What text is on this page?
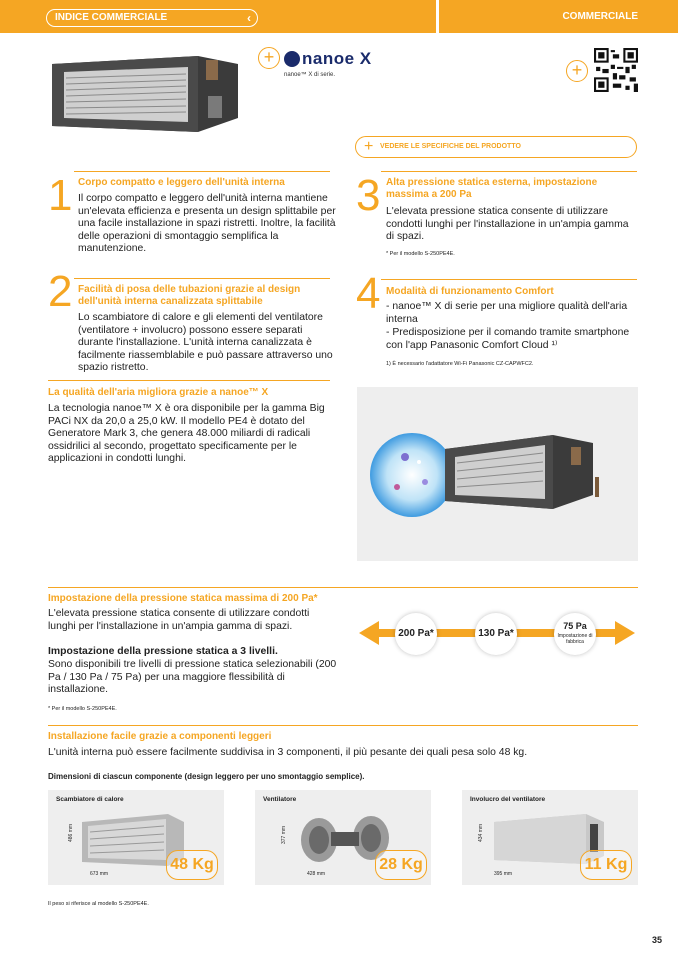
INDICE COMMERCIALE	‹	COMMERCIALE
+	nanoe X
nanoe™ X di serie.	+
+ VEDERE LE SPECIFICHE DEL PRODOTTO
1 Corpo compatto e leggero dell'unità interna
Il corpo compatto e leggero dell'unità interna mantiene un'elevata efficienza e presenta un design splittabile per una facile installazione in spazi ristretti. Inoltre, la facilità delle operazioni di smontaggio semplifica la manutenzione.
2 Facilità di posa delle tubazioni grazie al design dell'unità interna canalizzata splittabile
Lo scambiatore di calore e gli elementi del ventilatore (ventilatore + involucro) possono essere separati durante l'installazione. L'unità interna canalizzata è facilmente riassemblabile e può passare attraverso uno spazio ristretto.
3 Alta pressione statica esterna, impostazione massima a 200 Pa
L'elevata pressione statica consente di utilizzare condotti lunghi per l'installazione in un'ampia gamma di spazi.
* Per il modello S-250PE4E.
4 Modalità di funzionamento Comfort
- nanoe™ X di serie per una migliore qualità dell'aria interna
- Predisposizione per il comando tramite smartphone con l'app Panasonic Comfort Cloud ¹⁾
1) È necessario l'adattatore Wi-Fi Panasonic CZ-CAPWFC2.
La qualità dell'aria migliora grazie a nanoe™ X
La tecnologia nanoe™ X è ora disponibile per la gamma Big PACi NX da 20,0 a 25,0 kW. Il modello PE4 è dotato del Generatore Mark 3, che genera 48.000 miliardi di radicali ossidrilici al secondo, progettato specificamente per le applicazioni in condotti lunghi.
Impostazione della pressione statica massima di 200 Pa*
L'elevata pressione statica consente di utilizzare condotti lunghi per l'installazione in un'ampia gamma di spazi.
Impostazione della pressione statica a 3 livelli.
Sono disponibili tre livelli di pressione statica selezionabili (200 Pa / 130 Pa / 75 Pa) per una maggiore flessibilità di installazione.
* Per il modello S-250PE4E.
200 Pa*	130 Pa*
75 Pa

Impostazione di fabbrica
Installazione facile grazie a componenti leggeri
L'unità interna può essere facilmente suddivisa in 3 componenti, il più pesante dei quali pesa solo 48 kg.
Dimensioni di ciascun componente (design leggero per uno smontaggio semplice).
Scambiatore di calore
486 mm
673 mm
48 Kg
Ventilatore
377 mm
428 mm
28 Kg
Involucro del ventilatore
434 mm
395 mm
11 Kg
Il peso si riferisce al modello S-250PE4E.
35
